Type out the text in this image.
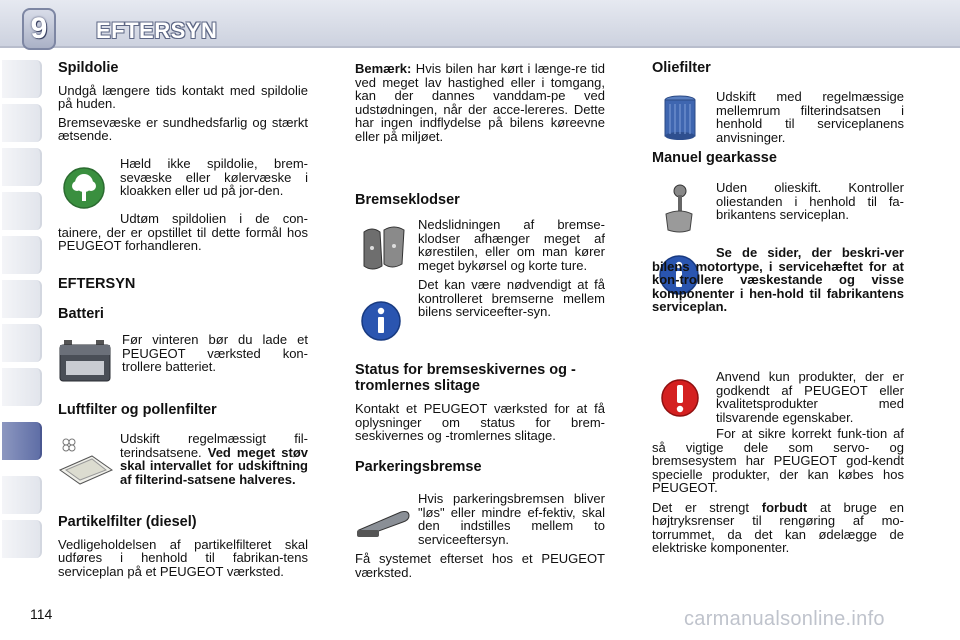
9	EFTERSYN
Spildolie

Undgå længere tids kontakt med spildolie på huden.

Bremsevæske er sundhedsfarlig og stærkt ætsende.

Hæld ikke spildolie, brem-sevæske eller kølervæske i kloakken eller ud på jor-den.

Udtøm spildolien i de con-tainere, der er opstillet til dette formål hos PEUGEOT forhandleren.

EFTERSYN
Batteri

Før vinteren bør du lade et PEUGEOT værksted kon-trollere batteriet.

Luftfilter og pollenfilter

Udskift regelmæssigt fil-terindsatsene. Ved meget støv skal intervallet for udskiftning af filterind-satsene halveres.

Partikelfilter (diesel)

Vedligeholdelsen af partikelfilteret skal udføres i henhold til fabrikan-tens serviceplan på et PEUGEOT værksted.

Bemærk: Hvis bilen har kørt i længe-re tid ved meget lav hastighed eller i tomgang, kan der dannes vanddam-pe ved udstødningen, når der acce-lereres. Dette har ingen indflydelse på bilens køreevne eller på miljøet.

Bremseklodser

Nedslidningen af bremse-klodser afhænger meget af kørestilen, eller om man kører meget bykørsel og korte ture.

Det kan være nødvendigt at få kontrolleret bremserne mellem bilens serviceefter-syn.

Status for bremseskivernes og -tromlernes slitage

Kontakt et PEUGEOT værksted for at få oplysninger om status for brem-seskivernes og -tromlernes slitage.

Parkeringsbremse

Hvis parkeringsbremsen bliver "løs" eller mindre ef-fektiv, skal den indstilles mellem to serviceeftersyn.

Få systemet efterset hos et PEUGEOT værksted.

Oliefilter

Udskift med regelmæssige mellemrum filterindsatsen i henhold til serviceplanens anvisninger.

Manuel gearkasse

Uden olieskift. Kontroller oliestanden i henhold til fa-brikantens serviceplan.

Se de sider, der beskri-ver bilens motortype, i servicehæftet for at kon-trollere væskestande og visse komponenter i hen-hold til fabrikantens serviceplan.

Anvend kun produkter, der er godkendt af PEUGEOT eller kvalitetsprodukter med tilsvarende egenskaber.

For at sikre korrekt funk-tion af så vigtige dele som servo- og bremsesystem har PEUGEOT god-kendt specielle produkter, der kan købes hos PEUGEOT.

Det er strengt forbudt at bruge en højtryksrenser til rengøring af mo-torrummet, da det kan ødelægge de elektriske komponenter.

114	carmanualsonline.info
